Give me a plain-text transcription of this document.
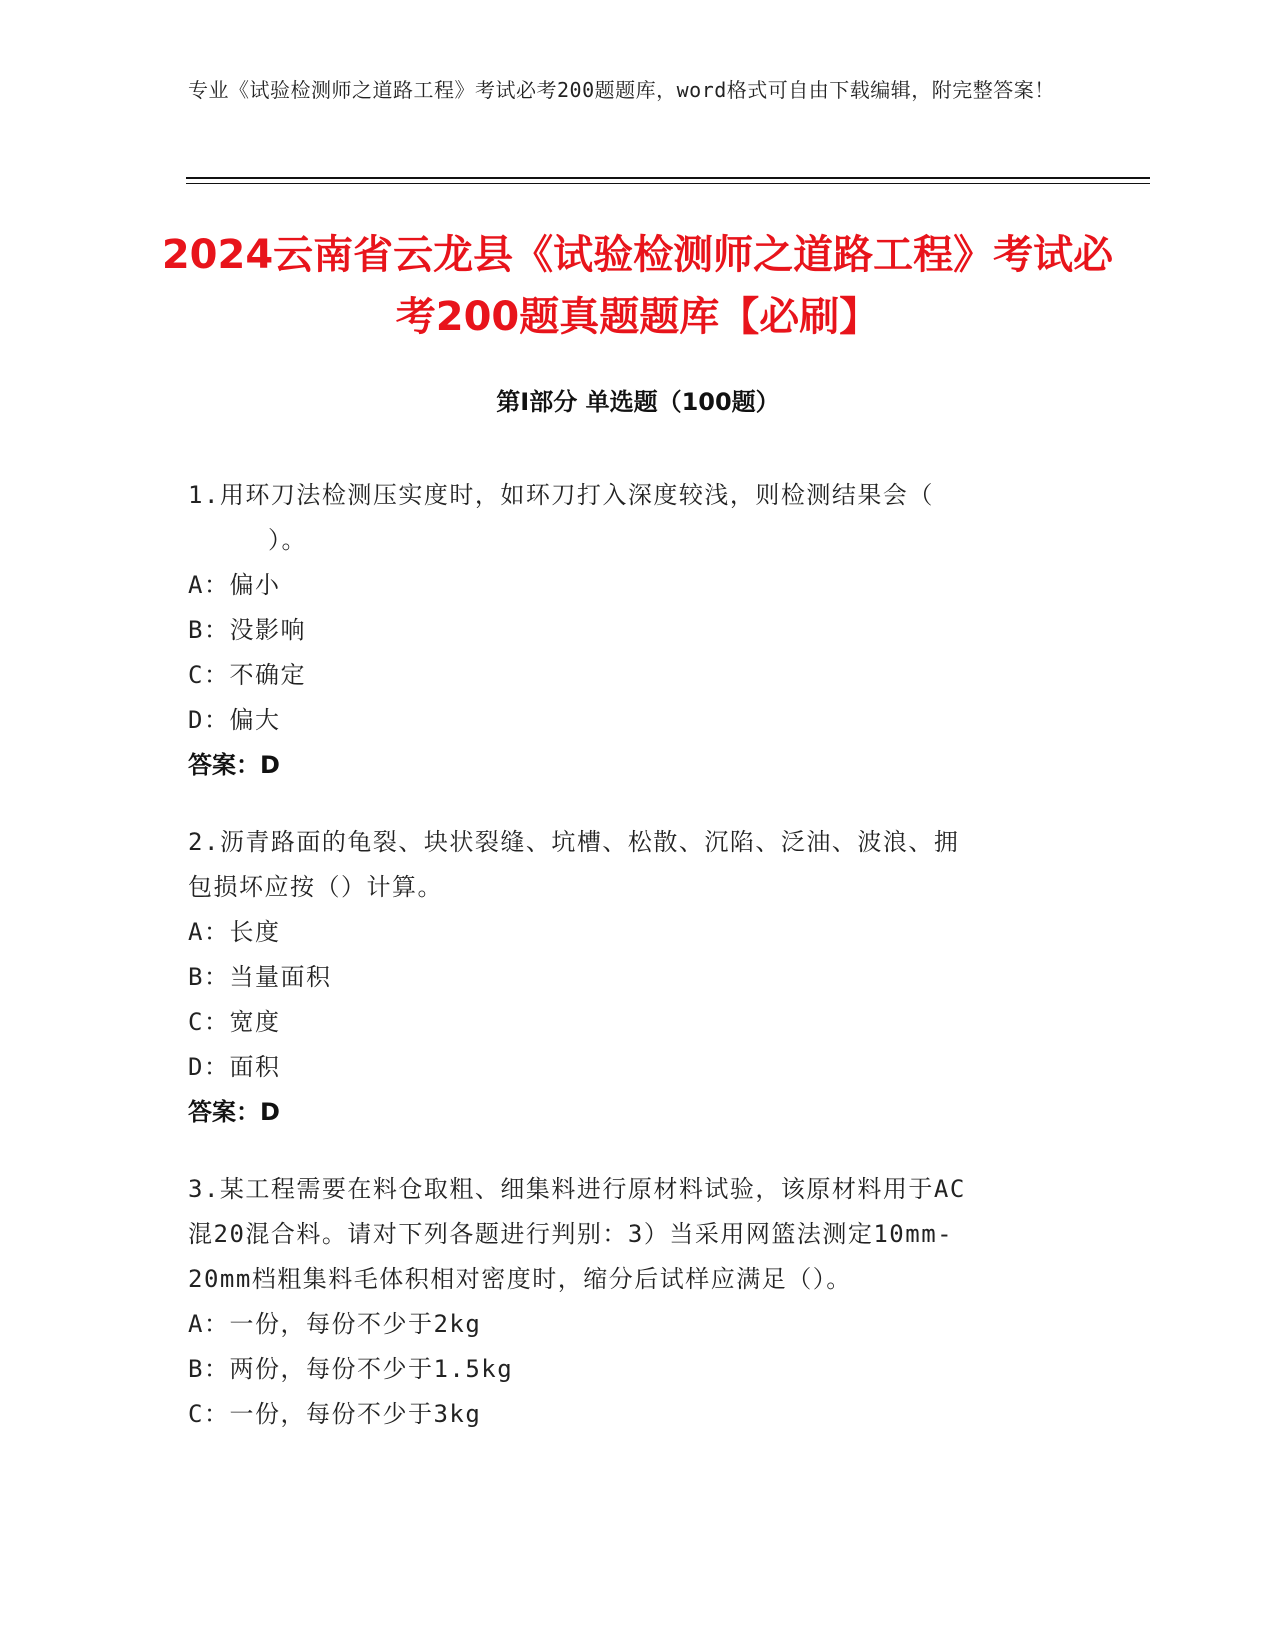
专业《试验检测师之道路工程》考试必考200题题库，word格式可自由下载编辑，附完整答案！
2024云南省云龙县《试验检测师之道路工程》考试必考200题真题题库【必刷】
第I部分 单选题（100题）

1.用环刀法检测压实度时，如环刀打入深度较浅，则检测结果会（
）。

A：偏小

B：没影响

C：不确定

D：偏大

答案：D

2.沥青路面的龟裂、块状裂缝、坑槽、松散、沉陷、泛油、波浪、拥
包损坏应按（）计算。

A：长度

B：当量面积

C：宽度

D：面积

答案：D

3.某工程需要在料仓取粗、细集料进行原材料试验，该原材料用于AC
混20混合料。请对下列各题进行判别：3）当采用网篮法测定10mm-
20mm档粗集料毛体积相对密度时，缩分后试样应满足（）。

A：一份，每份不少于2kg

B：两份，每份不少于1.5kg

C：一份，每份不少于3kg
